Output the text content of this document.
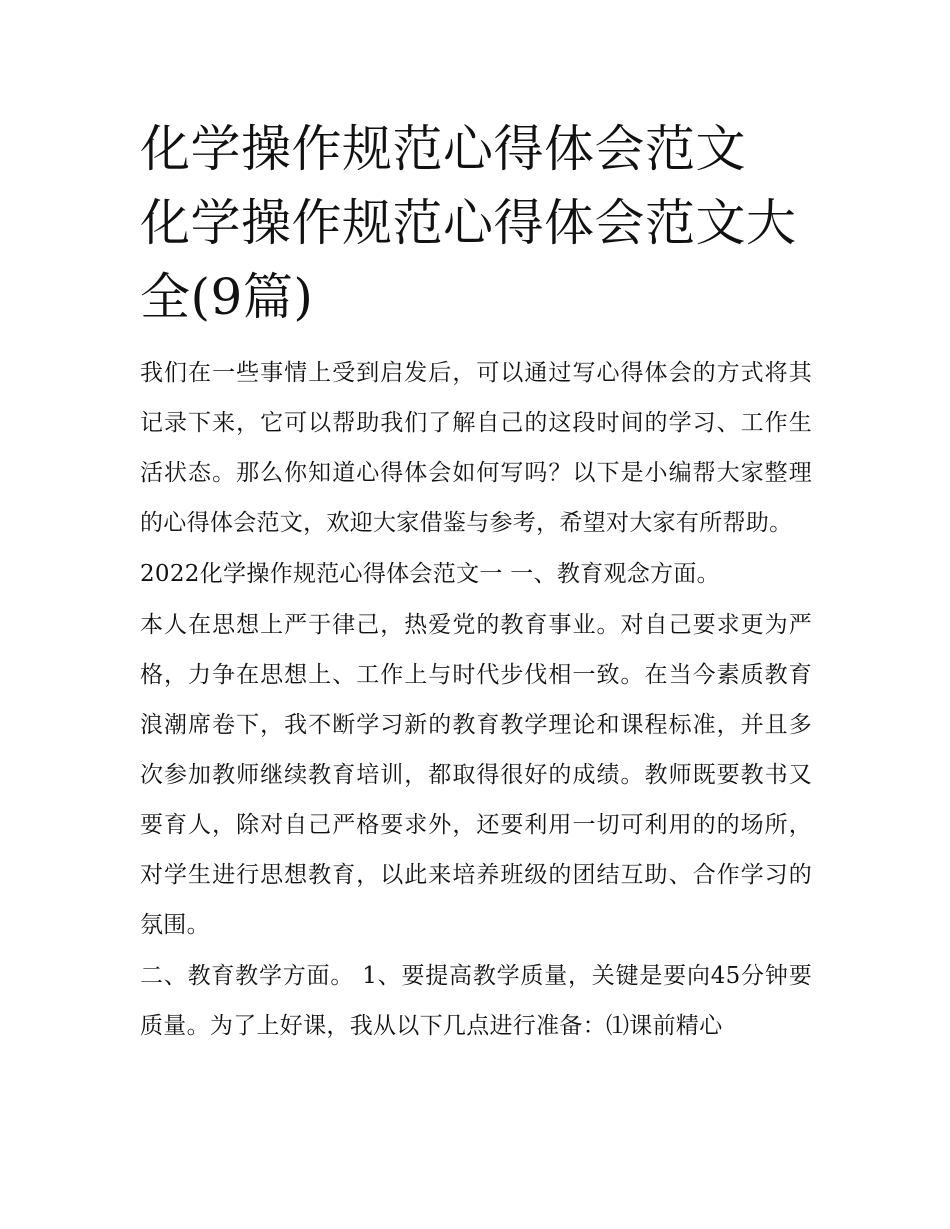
化学操作规范心得体会范文 化学操作规范心得体会范文大全(9篇)

我们在一些事情上受到启发后，可以通过写心得体会的方式将其记录下来，它可以帮助我们了解自己的这段时间的学习、工作生活状态。那么你知道心得体会如何写吗？以下是小编帮大家整理的心得体会范文，欢迎大家借鉴与参考，希望对大家有所帮助。

2022化学操作规范心得体会范文一 一、教育观念方面。

本人在思想上严于律己，热爱党的教育事业。对自己要求更为严格，力争在思想上、工作上与时代步伐相一致。在当今素质教育浪潮席卷下，我不断学习新的教育教学理论和课程标准，并且多次参加教师继续教育培训，都取得很好的成绩。教师既要教书又要育人，除对自己严格要求外，还要利用一切可利用的的场所，对学生进行思想教育，以此来培养班级的团结互助、合作学习的氛围。

二、教育教学方面。 1、要提高教学质量，关键是要向45分钟要质量。为了上好课，我从以下几点进行准备：⑴课前精心
